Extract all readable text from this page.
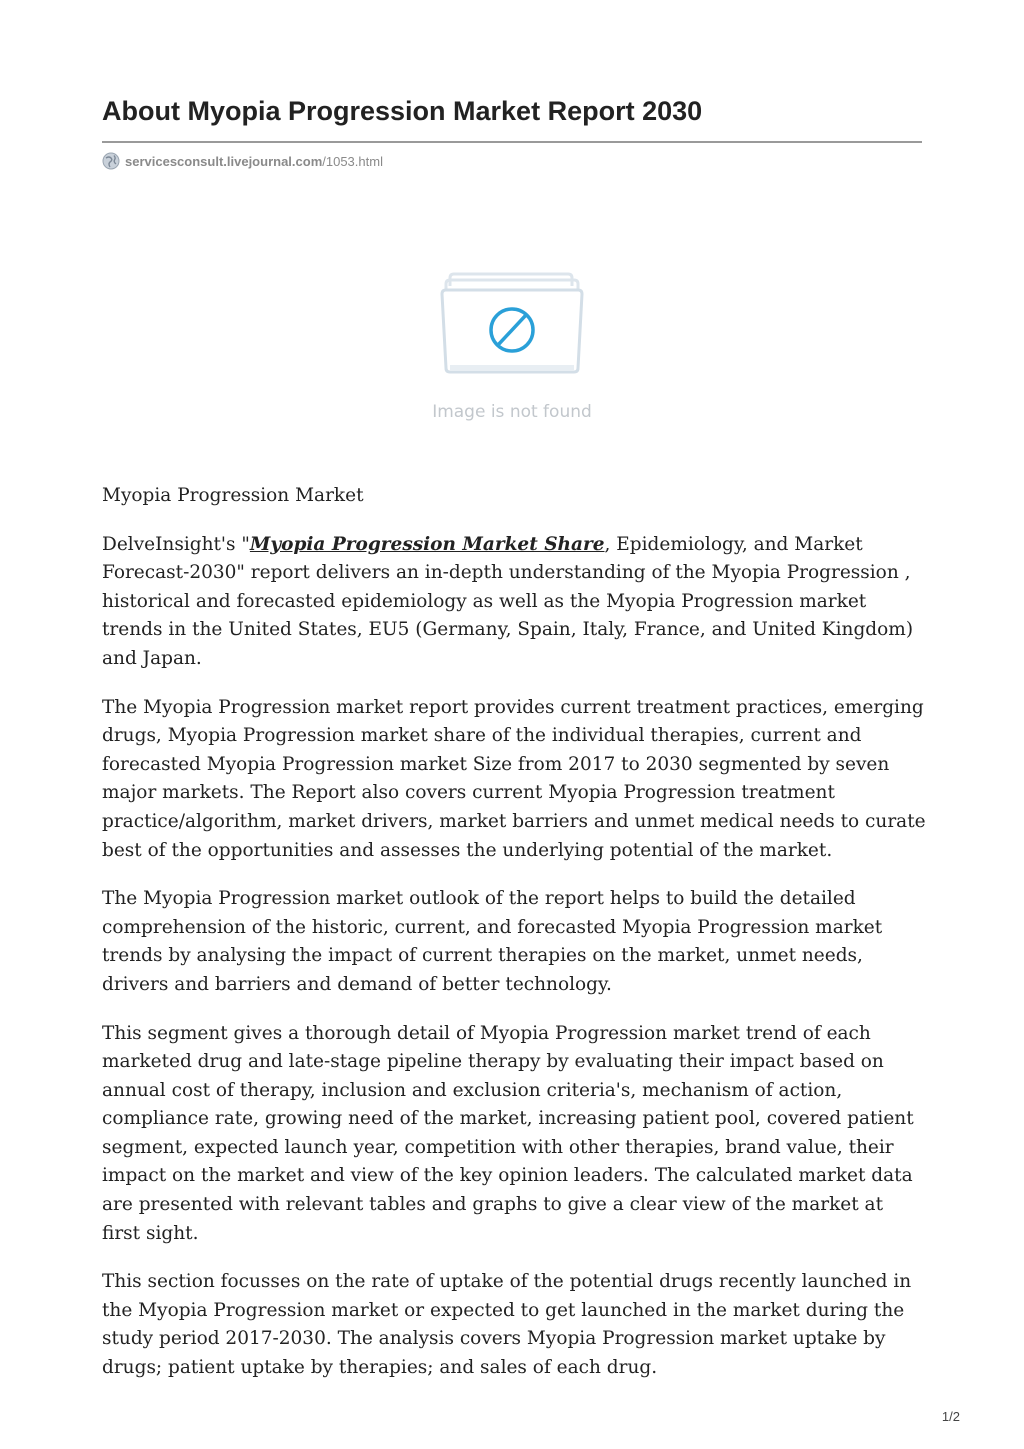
About Myopia Progression Market Report 2030
servicesconsult.livejournal.com /1053.html
Image is not found

Myopia Progression Market

DelveInsight's "Myopia Progression Market Share, Epidemiology, and Market Forecast-2030" report delivers an in-depth understanding of the Myopia Progression , historical and forecasted epidemiology as well as the Myopia Progression market trends in the United States, EU5 (Germany, Spain, Italy, France, and United Kingdom) and Japan.

The Myopia Progression market report provides current treatment practices, emerging drugs, Myopia Progression market share of the individual therapies, current and forecasted Myopia Progression market Size from 2017 to 2030 segmented by seven major markets. The Report also covers current Myopia Progression treatment practice/algorithm, market drivers, market barriers and unmet medical needs to curate best of the opportunities and assesses the underlying potential of the market.

The Myopia Progression market outlook of the report helps to build the detailed comprehension of the historic, current, and forecasted Myopia Progression market trends by analysing the impact of current therapies on the market, unmet needs, drivers and barriers and demand of better technology.

This segment gives a thorough detail of Myopia Progression market trend of each marketed drug and late-stage pipeline therapy by evaluating their impact based on annual cost of therapy, inclusion and exclusion criteria's, mechanism of action, compliance rate, growing need of the market, increasing patient pool, covered patient segment, expected launch year, competition with other therapies, brand value, their impact on the market and view of the key opinion leaders. The calculated market data are presented with relevant tables and graphs to give a clear view of the market at first sight.

This section focusses on the rate of uptake of the potential drugs recently launched in the Myopia Progression market or expected to get launched in the market during the study period 2017-2030. The analysis covers Myopia Progression market uptake by drugs; patient uptake by therapies; and sales of each drug.

1/2
